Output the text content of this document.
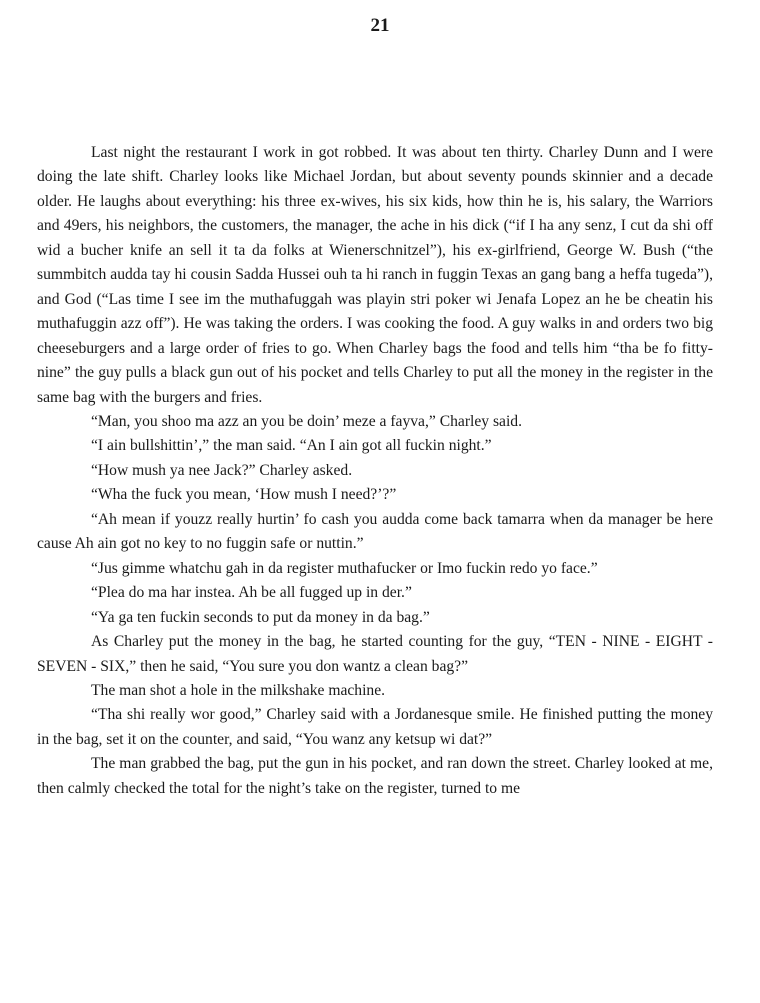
21

Last night the restaurant I work in got robbed. It was about ten thirty. Charley Dunn and I were doing the late shift. Charley looks like Michael Jordan, but about seventy pounds skinnier and a decade older. He laughs about everything: his three ex-wives, his six kids, how thin he is, his salary, the Warriors and 49ers, his neighbors, the customers, the manager, the ache in his dick (“if I ha any senz, I cut da shi off wid a bucher knife an sell it ta da folks at Wienerschnitzel”), his ex-girlfriend, George W. Bush (“the summbitch audda tay hi cousin Sadda Hussei ouh ta hi ranch in fuggin Texas an gang bang a heffa tugeda”), and God (“Las time I see im the muthafuggah was playin stri poker wi Jenafa Lopez an he be cheatin his muthafuggin azz off”). He was taking the orders. I was cooking the food. A guy walks in and orders two big cheeseburgers and a large order of fries to go. When Charley bags the food and tells him “tha be fo fitty-nine” the guy pulls a black gun out of his pocket and tells Charley to put all the money in the register in the same bag with the burgers and fries.

“Man, you shoo ma azz an you be doin’ meze a fayva,” Charley said.

“I ain bullshittin’,” the man said. “An I ain got all fuckin night.”

“How mush ya nee Jack?” Charley asked.

“Wha the fuck you mean, ‘How mush I need?’?”

“Ah mean if youzz really hurtin’ fo cash you audda come back tamarra when da manager be here cause Ah ain got no key to no fuggin safe or nuttin.”

“Jus gimme whatchu gah in da register muthafucker or Imo fuckin redo yo face.”

“Plea do ma har instea. Ah be all fugged up in der.”

“Ya ga ten fuckin seconds to put da money in da bag.”

As Charley put the money in the bag, he started counting for the guy, “TEN - NINE - EIGHT - SEVEN - SIX,” then he said, “You sure you don wantz a clean bag?”

The man shot a hole in the milkshake machine.

“Tha shi really wor good,” Charley said with a Jordanesque smile. He finished putting the money in the bag, set it on the counter, and said, “You wanz any ketsup wi dat?”

The man grabbed the bag, put the gun in his pocket, and ran down the street. Charley looked at me, then calmly checked the total for the night’s take on the register, turned to me
